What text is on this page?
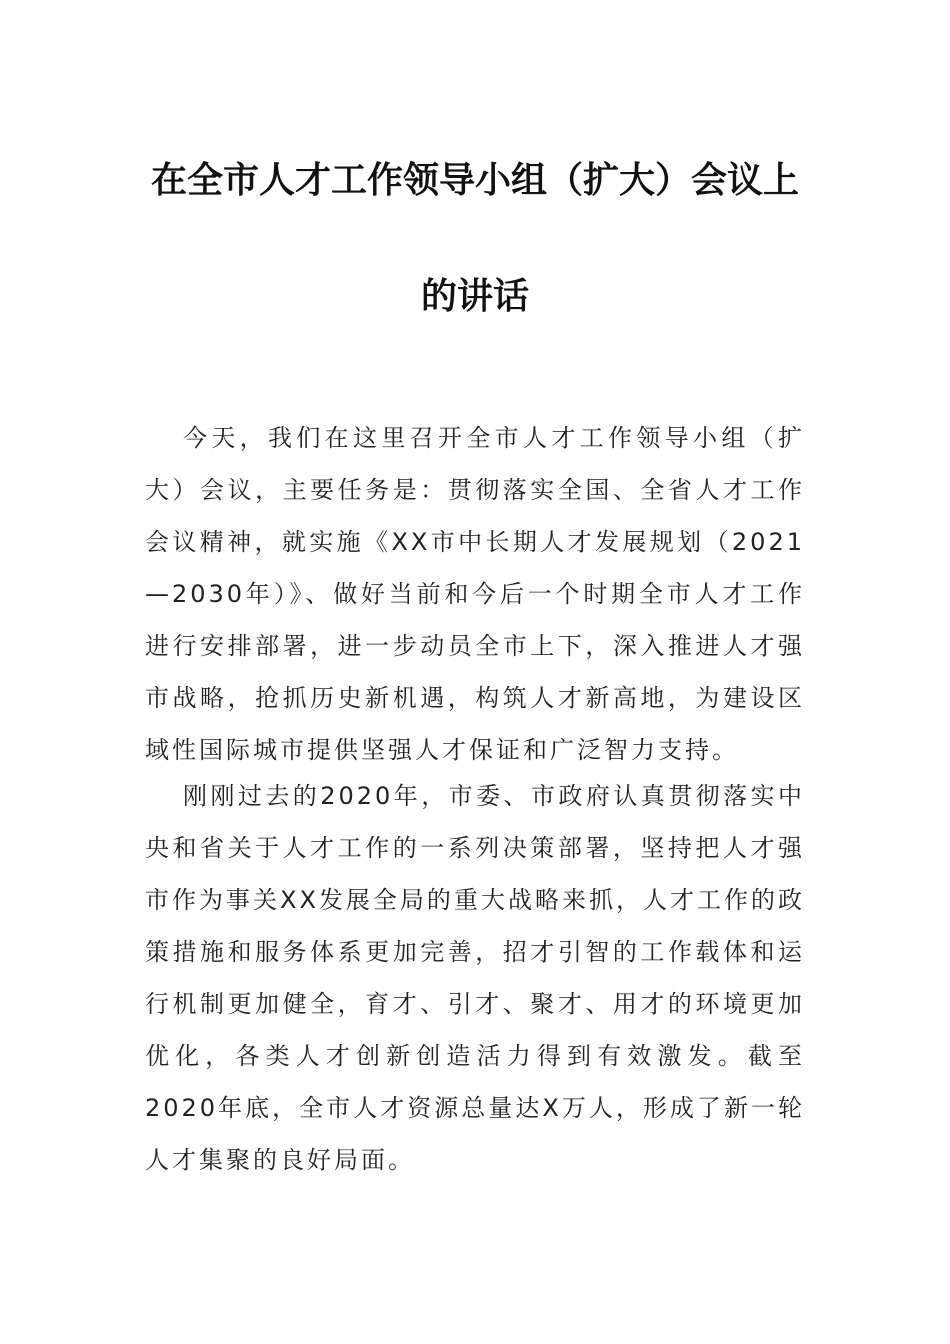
在全市人才工作领导小组（扩大）会议上
的讲话

今天，我们在这里召开全市人才工作领导小组（扩大）会议，主要任务是：贯彻落实全国、全省人才工作会议精神，就实施《XX市中长期人才发展规划（2021—2030年）》、做好当前和今后一个时期全市人才工作进行安排部署，进一步动员全市上下，深入推进人才强市战略，抢抓历史新机遇，构筑人才新高地，为建设区域性国际城市提供坚强人才保证和广泛智力支持。

刚刚过去的2020年，市委、市政府认真贯彻落实中央和省关于人才工作的一系列决策部署，坚持把人才强市作为事关XX发展全局的重大战略来抓，人才工作的政策措施和服务体系更加完善，招才引智的工作载体和运行机制更加健全，育才、引才、聚才、用才的环境更加优化，各类人才创新创造活力得到有效激发。截至2020年底，全市人才资源总量达X万人，形成了新一轮人才集聚的良好局面。
